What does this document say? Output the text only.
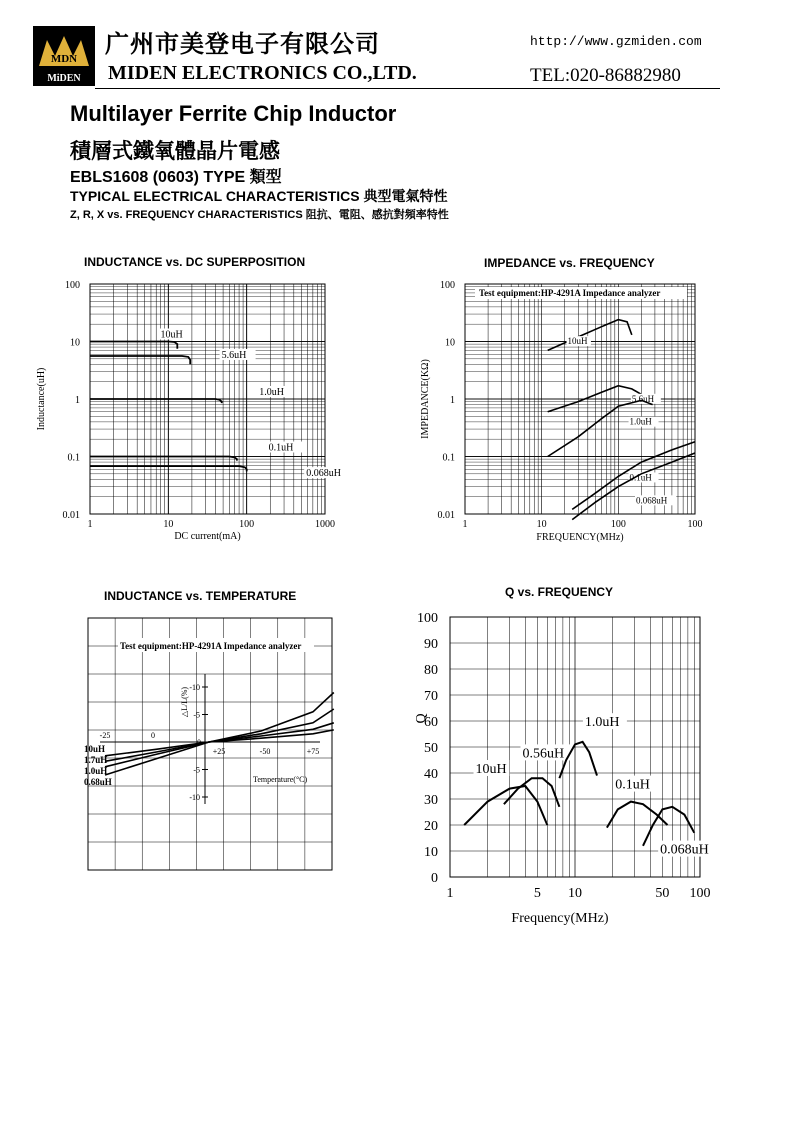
MDN
MiDEN
广州市美登电子有限公司
MIDEN ELECTRONICS CO.,LTD.
http://www.gzmiden.com
TEL:020-86882980
Multilayer Ferrite Chip Inductor
積層式鐵氧體晶片電感
EBLS1608 (0603) TYPE 類型
TYPICAL ELECTRICAL CHARACTERISTICS 典型電氣特性
Z, R, X vs. FREQUENCY CHARACTERISTICS 阻抗、電阻、感抗對頻率特性
INDUCTANCE vs. DC SUPERPOSITION
1	10	100	1000
0.01
0.1
1
10
100
DC current(mA)
Inductance(uH)
10uH
5.6uH
1.0uH
0.1uH
0.068uH
IMPEDANCE vs. FREQUENCY
1	10	100	100
0.01
0.1
1
10
100
FREQUENCY(MHz)
IMPEDANCE(KΩ)
Test equipment:HP-4291A Impedance analyzer
10uH
5.6uH
1.0uH
0.1uH
0.068uH
INDUCTANCE vs. TEMPERATURE
Test equipment:HP-4291A Impedance analyzer
-10
-5
-5
-10
0
-25	0
+25	-50	+75
Temperature(°C)
△L/L(%)
10uH
1.7uH
1.0uH
0.68uH
Q vs. FREQUENCY
0
10
20
30
40
50
60
70
80
90
100
1	5 10	50 100
Frequency(MHz)
Q
10uH
0.56uH
1.0uH
0.1uH
0.068uH
